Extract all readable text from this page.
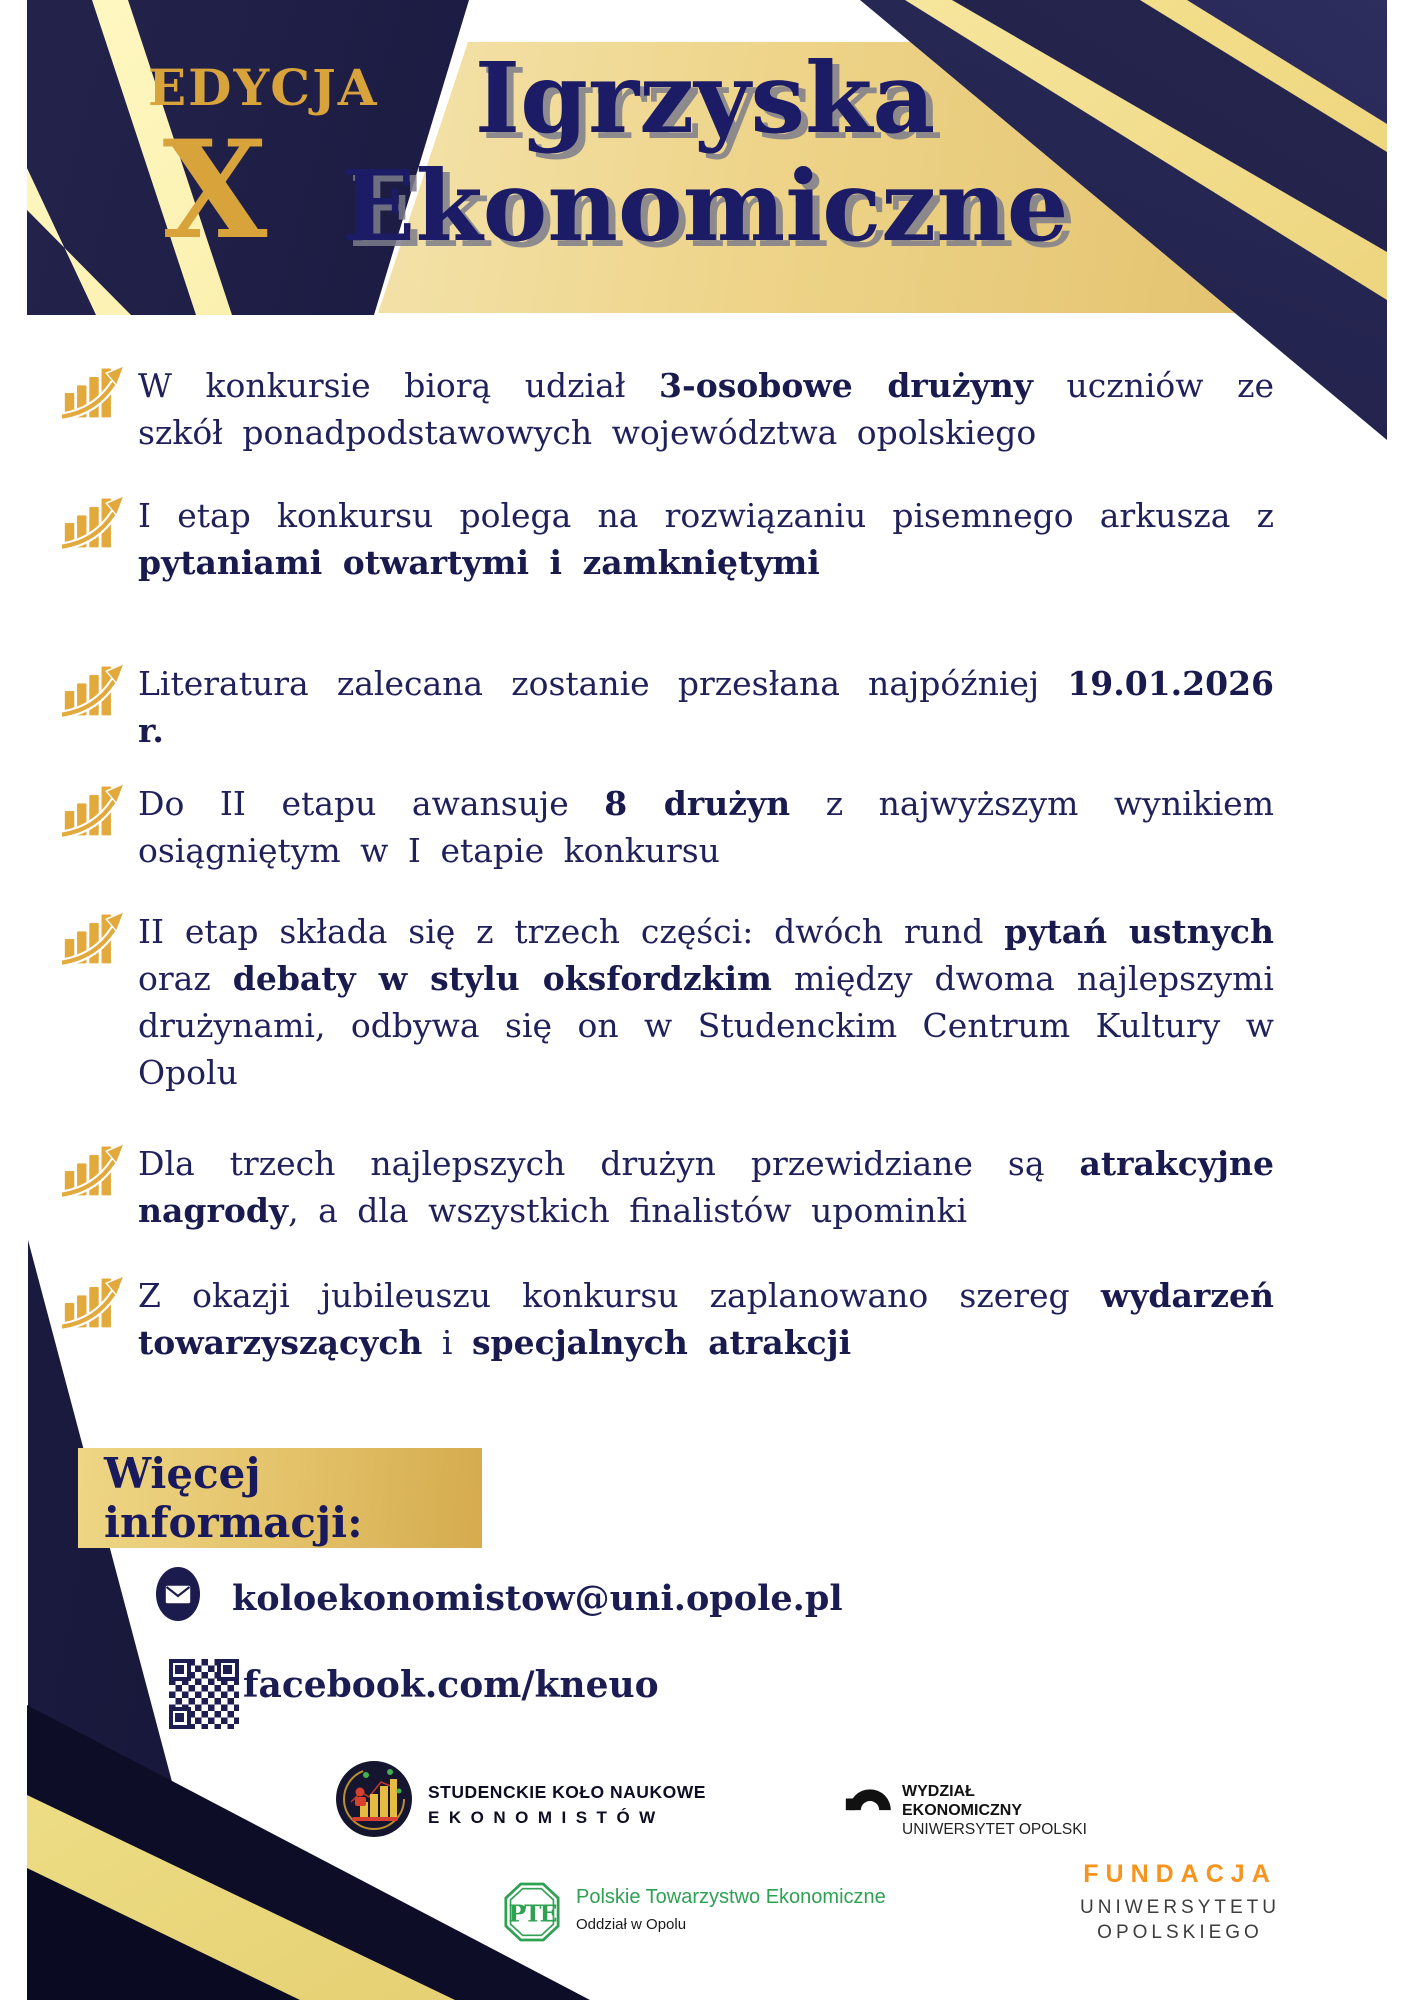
EDYCJA
X
Igrzyska
Ekonomiczne

W konkursie biorą udział 3-osobowe drużyny uczniów ze szkół ponadpodstawowych województwa opolskiego

I etap konkursu polega na rozwiązaniu pisemnego arkusza z pytaniami otwartymi i zamkniętymi

Literatura zalecana zostanie przesłana najpóźniej 19.01.2026 r.

Do II etapu awansuje 8 drużyn z najwyższym wynikiem osiągniętym w I etapie konkursu

II etap składa się z trzech części: dwóch rund pytań ustnych oraz debaty w stylu oksfordzkim między dwoma najlepszymi drużynami, odbywa się on w Studenckim Centrum Kultury w Opolu

Dla trzech najlepszych drużyn przewidziane są atrakcyjne nagrody, a dla wszystkich finalistów upominki

Z okazji jubileuszu konkursu zaplanowano szereg wydarzeń towarzyszących i specjalnych atrakcji

Więcej informacji:
koloekonomistow@uni.opole.pl
facebook.com/kneuo
STUDENCKIE KOŁO NAUKOWE
EKONOMISTÓW
WYDZIAŁ
EKONOMICZNY
UNIWERSYTET OPOLSKI
Polskie Towarzystwo Ekonomiczne
Oddział w Opolu
FUNDACJA
UNIWERSYTETU
OPOLSKIEGO
